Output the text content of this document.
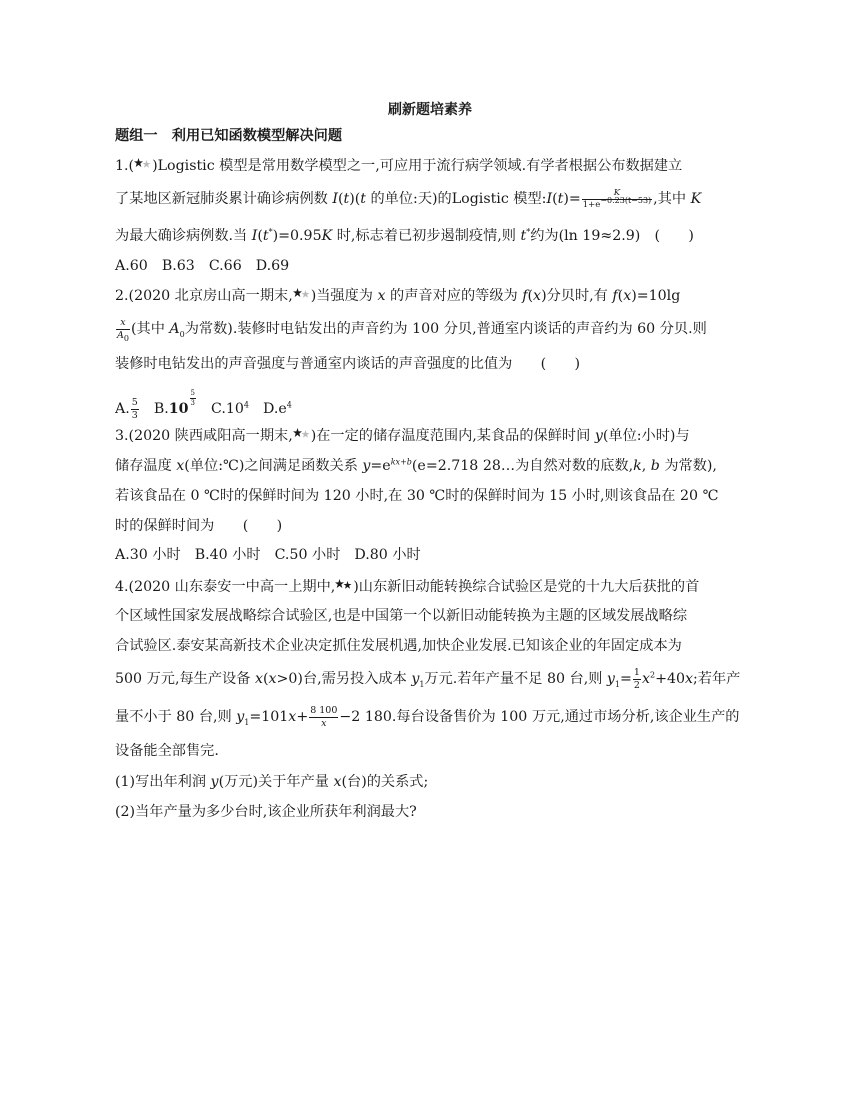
刷新题培素养
题组一　利用已知函数模型解决问题
1.( )Logistic 模型是常用数学模型之一,可应用于流行病学领域.有学者根据公布数据建立
了某地区新冠肺炎累计确诊病例数 I(t)(t 的单位:天)的Logistic 模型:I(t)= $\frac{K}{1+e^{-0.23(t-53)}}$ ,其中 K
为最大确诊病例数.当 I(t*)=0.95K 时,标志着已初步遏制疫情,则 t*约为(ln 19≈2.9)　(　　)
A.60 B.63 C.66 D.69
2.(2020 北京房山高一期末, )当强度为 x 的声音对应的等级为 f(x)分贝时,有 f(x)=10lg
$\frac{x}{A_0}$ (其中 $A_0$为常数).装修时电钻发出的声音约为 100 分贝,普通室内谈话的声音约为 60 分贝.则
装修时电钻发出的声音强度与普通室内谈话的声音强度的比值为　　(　　)
A. $\frac{5}{3} B.10$
$\frac{5}{3}$
$C.10^4$ $D.e^4$
3.(2020 陕西咸阳高一期末, )在一定的储存温度范围内,某食品的保鲜时间 y(单位:小时)与
储存温度 x(单位:℃)之间满足函数关系 $y=e^{kx+b}(e=2.718$ 28…为自然对数的底数,k, b 为常数),
若该食品在 0 ℃时的保鲜时间为 120 小时,在 30 ℃时的保鲜时间为 15 小时,则该食品在 20 ℃
时的保鲜时间为　　(　　)
A.30 小时 B.40 小时 C.50 小时 D.80 小时
4.(2020 山东泰安一中高一上期中, )山东新旧动能转换综合试验区是党的十九大后获批的首
个区域性国家发展战略综合试验区,也是中国第一个以新旧动能转换为主题的区域发展战略综
合试验区.泰安某高新技术企业决定抓住发展机遇,加快企业发展.已知该企业的年固定成本为
500 万元,每生产设备 x(x>0)台,需另投入成本 $y_1$万元.若年产量不足 80 台,则 $y_1= \frac{1}{2} x^2+40x$;若年产
量不小于 80 台,则 $y_1=101x+ \frac{8 100}{x} -2$ 180.每台设备售价为 100 万元,通过市场分析,该企业生产的
设备能全部售完.
(1)写出年利润 y(万元)关于年产量 x(台)的关系式;
(2)当年产量为多少台时,该企业所获年利润最大?
